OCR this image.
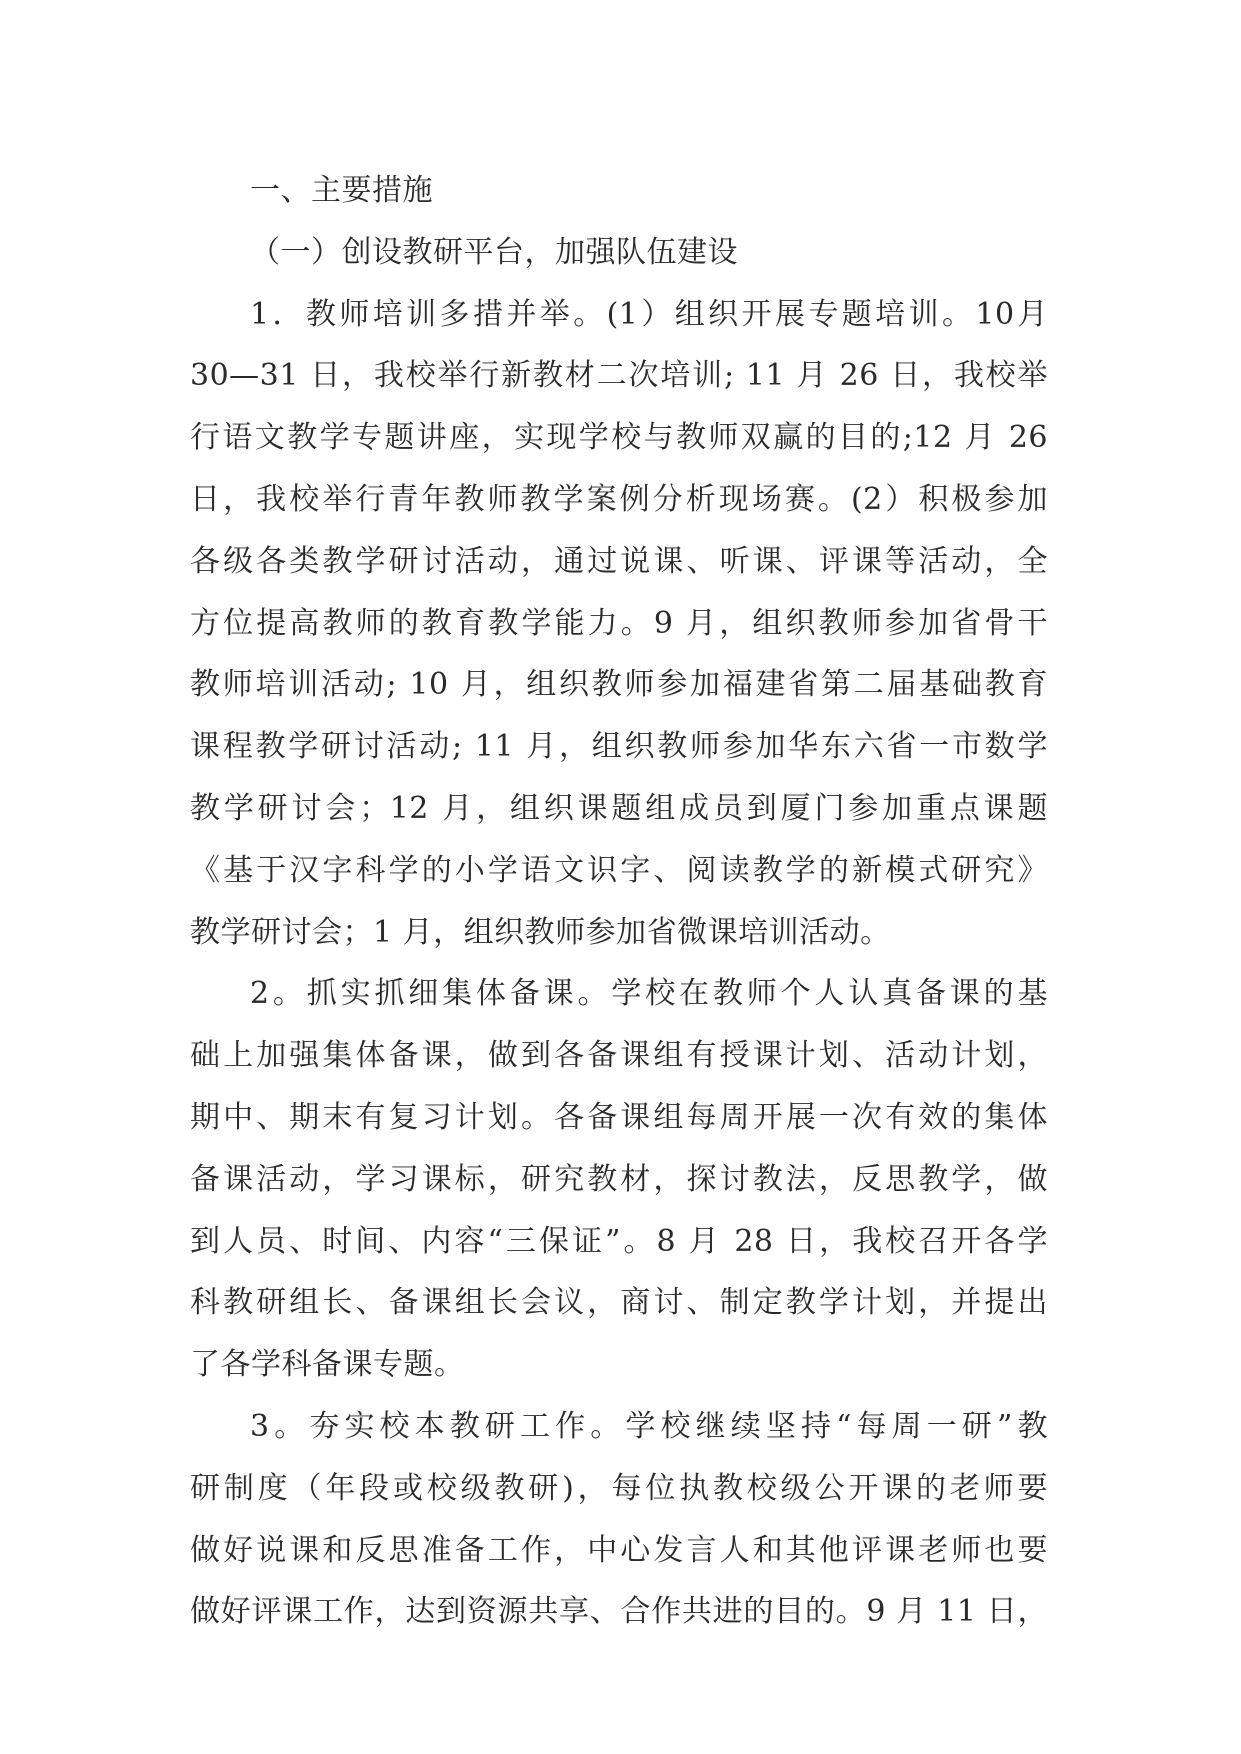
一、主要措施
（一）创设教研平台，加强队伍建设
1．教师培训多措并举。(1）组织开展专题培训。10月
30—31 日，我校举行新教材二次培训; 11 月 26 日，我校举
行语文教学专题讲座，实现学校与教师双赢的目的;12 月 26
日，我校举行青年教师教学案例分析现场赛。(2）积极参加
各级各类教学研讨活动，通过说课、听课、评课等活动，全
方位提高教师的教育教学能力。9 月，组织教师参加省骨干
教师培训活动; 10 月，组织教师参加福建省第二届基础教育
课程教学研讨活动; 11 月，组织教师参加华东六省一市数学
教学研讨会；12 月，组织课题组成员到厦门参加重点课题
《基于汉字科学的小学语文识字、阅读教学的新模式研究》
教学研讨会；1 月，组织教师参加省微课培训活动。
2。抓实抓细集体备课。学校在教师个人认真备课的基
础上加强集体备课，做到各备课组有授课计划、活动计划，
期中、期末有复习计划。各备课组每周开展一次有效的集体
备课活动，学习课标，研究教材，探讨教法，反思教学，做
到人员、时间、内容“三保证”。8 月 28 日，我校召开各学
科教研组长、备课组长会议，商讨、制定教学计划，并提出
了各学科备课专题。
3。夯实校本教研工作。学校继续坚持“每周一研”教
研制度（年段或校级教研)，每位执教校级公开课的老师要
做好说课和反思准备工作，中心发言人和其他评课老师也要
做好评课工作，达到资源共享、合作共进的目的。9 月 11 日，
